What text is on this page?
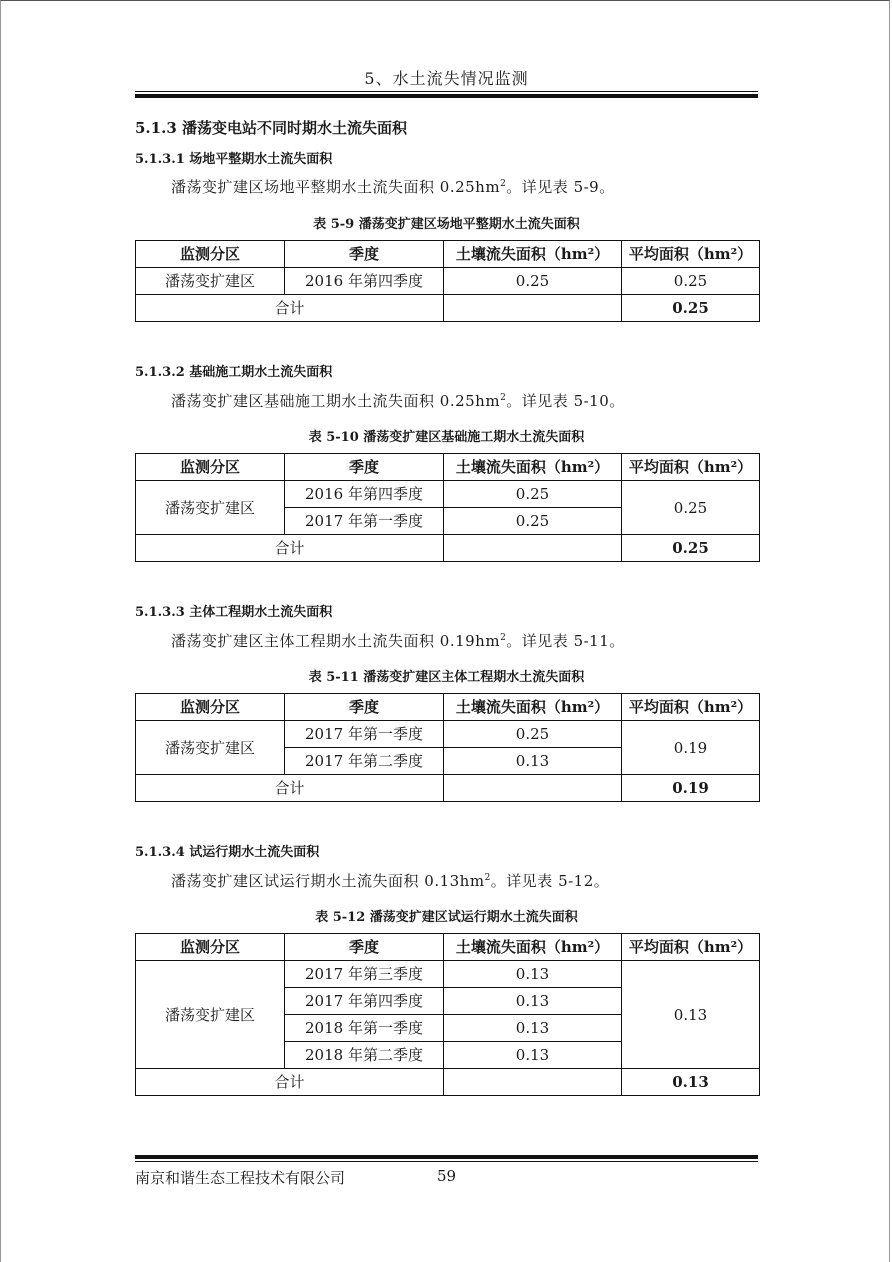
5、水土流失情况监测
5.1.3 潘荡变电站不同时期水土流失面积
5.1.3.1 场地平整期水土流失面积
潘荡变扩建区场地平整期水土流失面积 $0.25hm^2$。详见表 5-9。
表 5-9 潘荡变扩建区场地平整期水土流失面积
监测分区	季度	土壤流失面积（hm²）	平均面积（hm²）
潘荡变扩建区	2016 年第四季度	0.25	0.25
合计			0.25
5.1.3.2 基础施工期水土流失面积
潘荡变扩建区基础施工期水土流失面积 $0.25hm^2$。详见表 5-10。
表 5-10 潘荡变扩建区基础施工期水土流失面积
监测分区	季度	土壤流失面积（hm²）	平均面积（hm²）
潘荡变扩建区	2016 年第四季度	0.25	0.25
	2017 年第一季度	0.25	
合计			0.25
5.1.3.3 主体工程期水土流失面积
潘荡变扩建区主体工程期水土流失面积 $0.19hm^2$。详见表 5-11。
表 5-11 潘荡变扩建区主体工程期水土流失面积
监测分区	季度	土壤流失面积（hm²）	平均面积（hm²）
潘荡变扩建区	2017 年第一季度	0.25	0.19
	2017 年第二季度	0.13	
合计			0.19
5.1.3.4 试运行期水土流失面积
潘荡变扩建区试运行期水土流失面积 $0.13hm^2$。详见表 5-12。
表 5-12 潘荡变扩建区试运行期水土流失面积
监测分区	季度	土壤流失面积（hm²）	平均面积（hm²）
潘荡变扩建区	2017 年第三季度	0.13	0.13
	2017 年第四季度	0.13	
	2018 年第一季度	0.13	
	2018 年第二季度	0.13	
合计			0.13
南京和谐生态工程技术有限公司	59
